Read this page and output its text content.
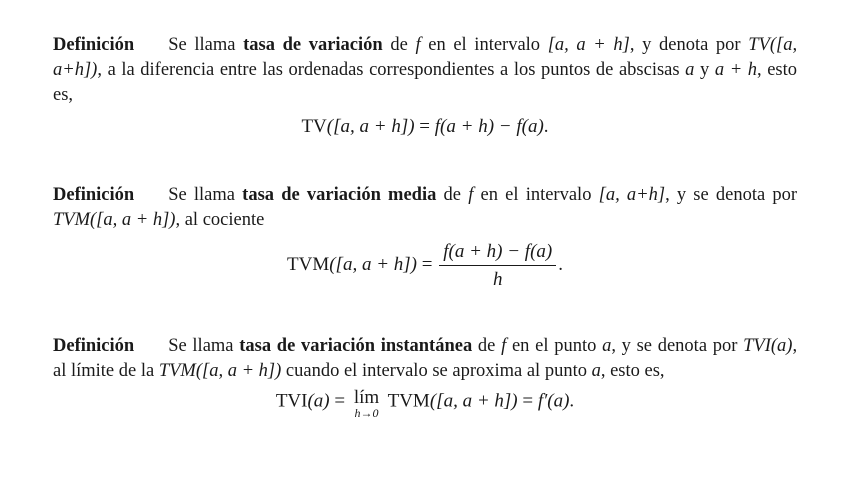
Definición Se llama tasa de variación de f en el intervalo [a, a + h], y denota por TV([a, a+h]), a la diferencia entre las ordenadas correspondientes a los puntos de abscisas a y a + h, esto es,

TV([a, a + h]) = f(a + h) − f(a).

Definición Se llama tasa de variación media de f en el intervalo [a, a+h], y se denota por TVM([a, a + h]), al cociente

TVM([a, $a + h]) = \frac{f(a + h) - f(a)}{h}$ .

Definición Se llama tasa de variación instantánea de f en el punto a, y se denota por TVI(a), al límite de la TVM([a, a + h]) cuando el intervalo se aproxima al punto a, esto es,

TVI(a) = lím
h→0
TVM([a, a + h]) = f′(a).
